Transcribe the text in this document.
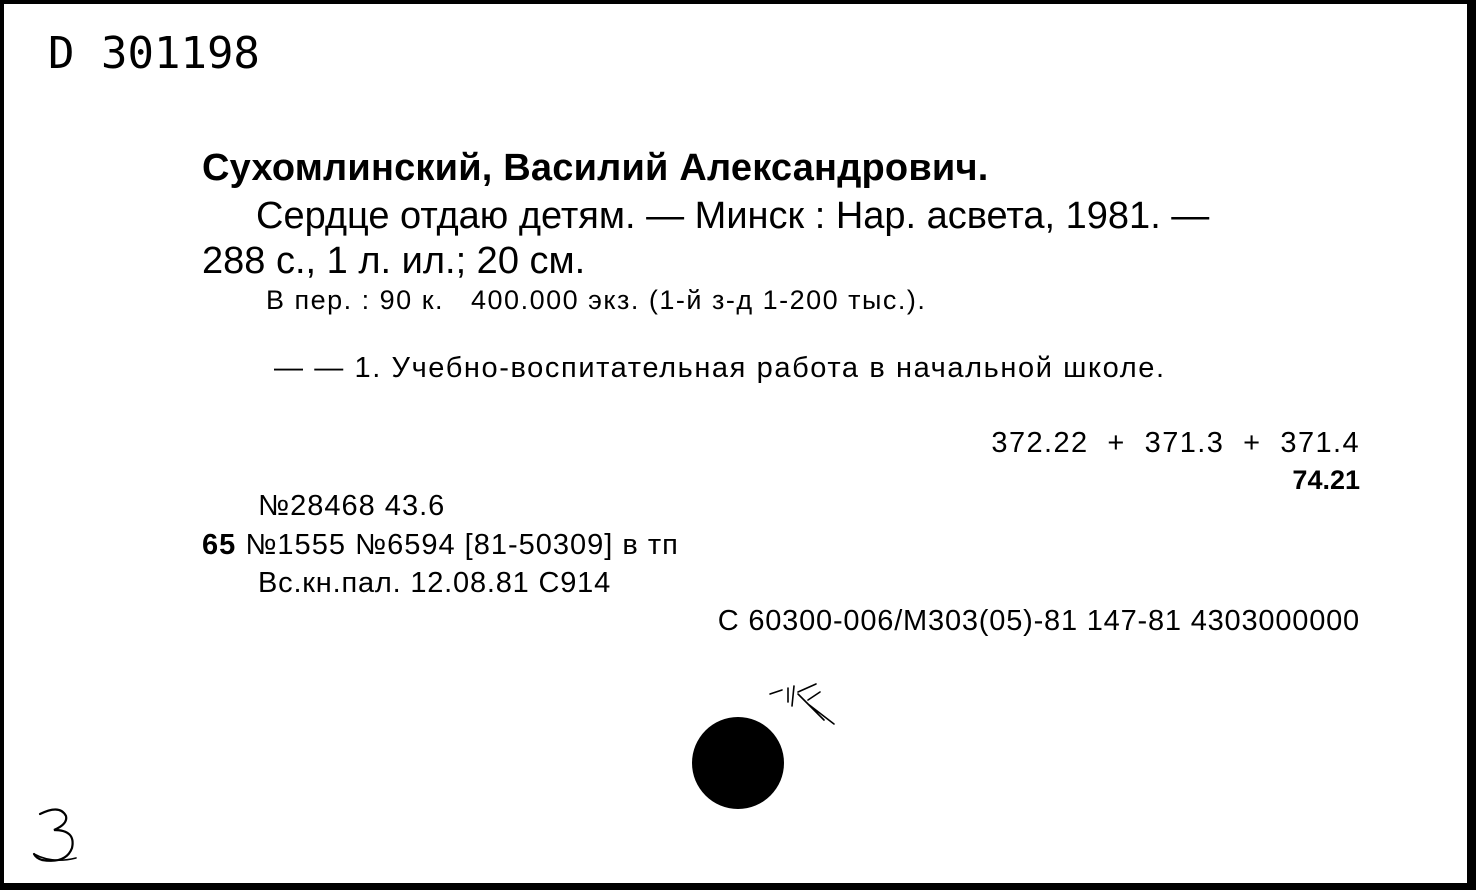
D 301198
Сухомлинский, Василий Александрович.
Сердце отдаю детям. — Минск : Нар. асвета, 1981. —
288 с., 1 л. ил.; 20 см.
В пер. : 90 к.   400.000 экз. (1-й з-д 1-200 тыс.).
— — 1. Учебно-воспитательная работа в начальной школе.
372.22  +  371.3  +  371.4
74.21
№28468 43.6
65 №1555 №6594 [81-50309] в тп
Вс.кн.пал. 12.08.81 С914
С 60300-006/М303(05)-81 147-81 4303000000
